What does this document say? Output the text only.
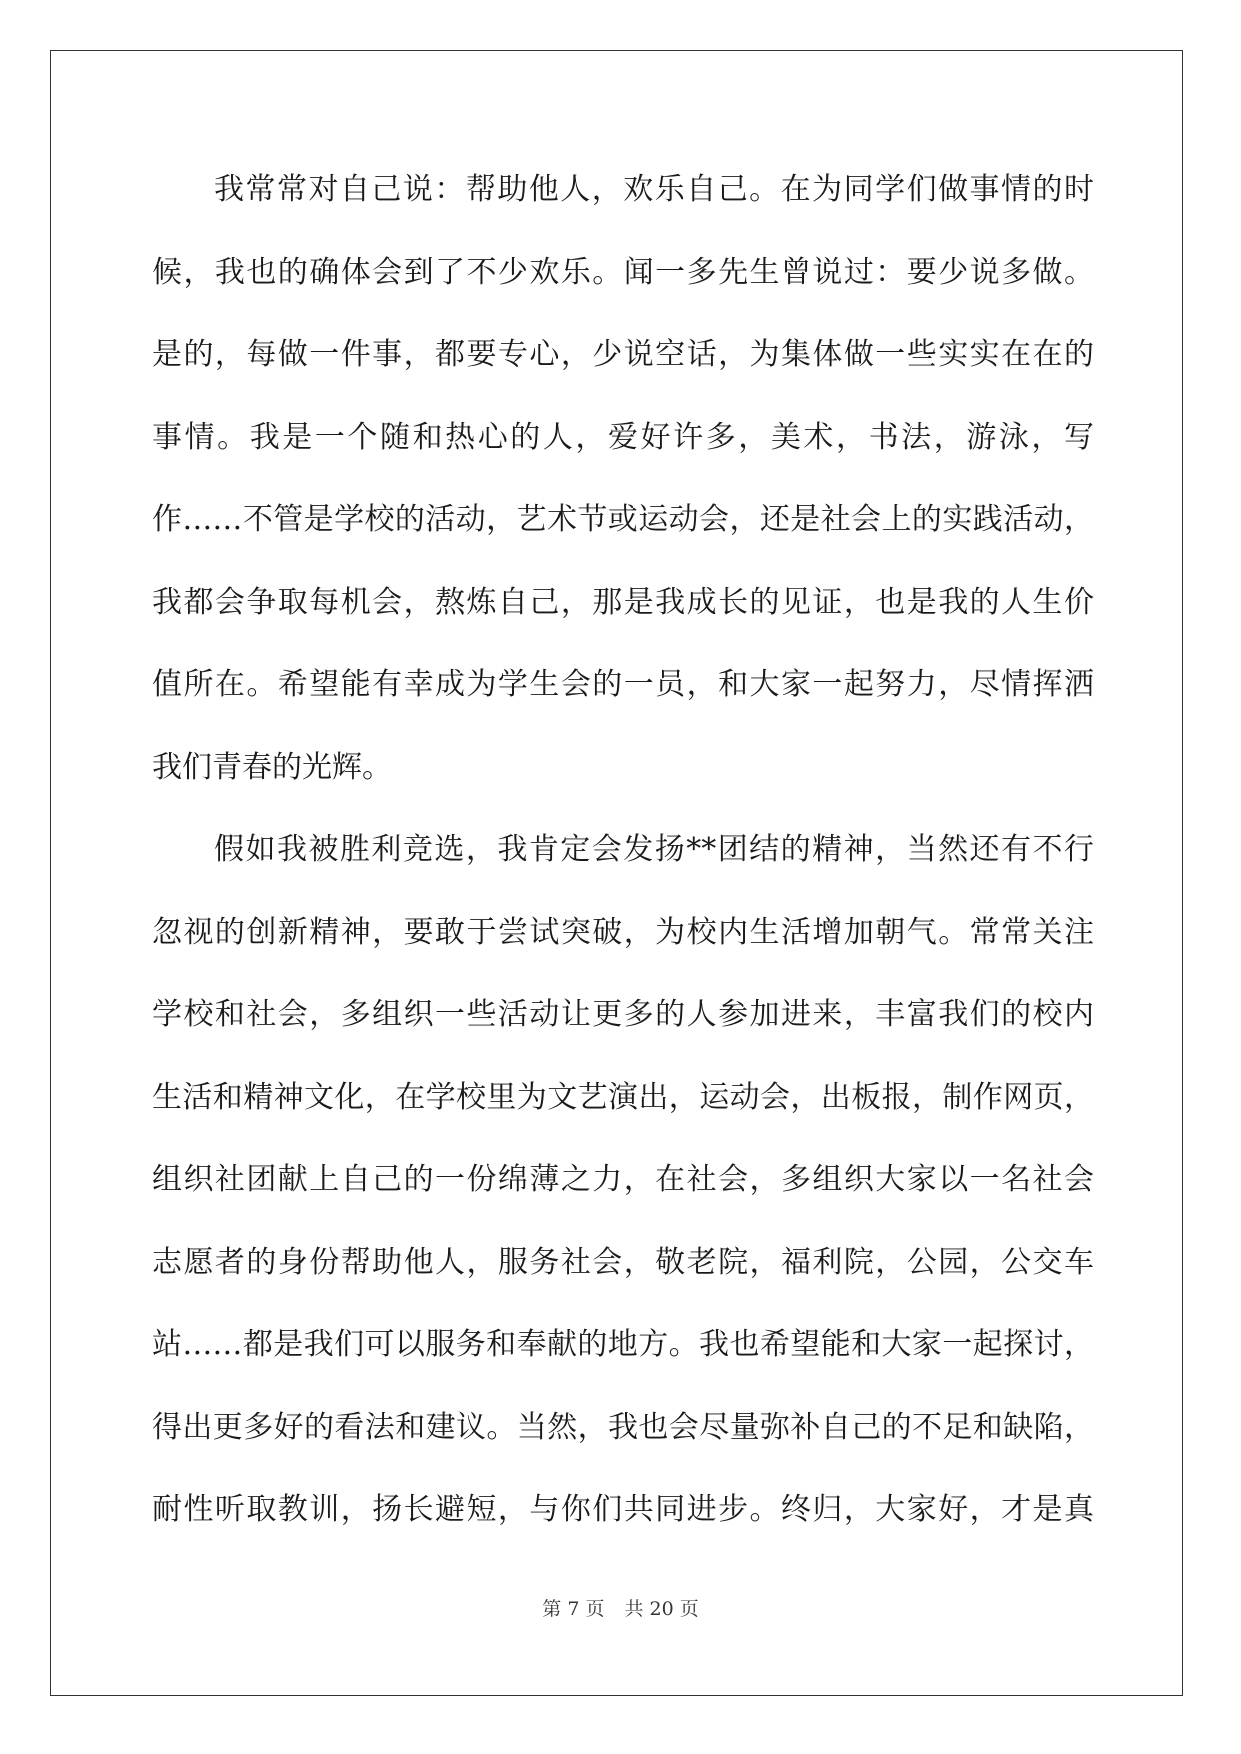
我常常对自己说：帮助他人，欢乐自己。在为同学们做事情的时
候，我也的确体会到了不少欢乐。闻一多先生曾说过：要少说多做。
是的，每做一件事，都要专心，少说空话，为集体做一些实实在在的
事情。我是一个随和热心的人，爱好许多，美术，书法，游泳，写
作……不管是学校的活动，艺术节或运动会，还是社会上的实践活动，
我都会争取每机会，熬炼自己，那是我成长的见证，也是我的人生价
值所在。希望能有幸成为学生会的一员，和大家一起努力，尽情挥洒
我们青春的光辉。
假如我被胜利竞选，我肯定会发扬**团结的精神，当然还有不行
忽视的创新精神，要敢于尝试突破，为校内生活增加朝气。常常关注
学校和社会，多组织一些活动让更多的人参加进来，丰富我们的校内
生活和精神文化，在学校里为文艺演出，运动会，出板报，制作网页，
组织社团献上自己的一份绵薄之力，在社会，多组织大家以一名社会
志愿者的身份帮助他人，服务社会，敬老院，福利院，公园，公交车
站……都是我们可以服务和奉献的地方。我也希望能和大家一起探讨，
得出更多好的看法和建议。当然，我也会尽量弥补自己的不足和缺陷，
耐性听取教训，扬长避短，与你们共同进步。终归，大家好，才是真
第 7 页 共 20 页
